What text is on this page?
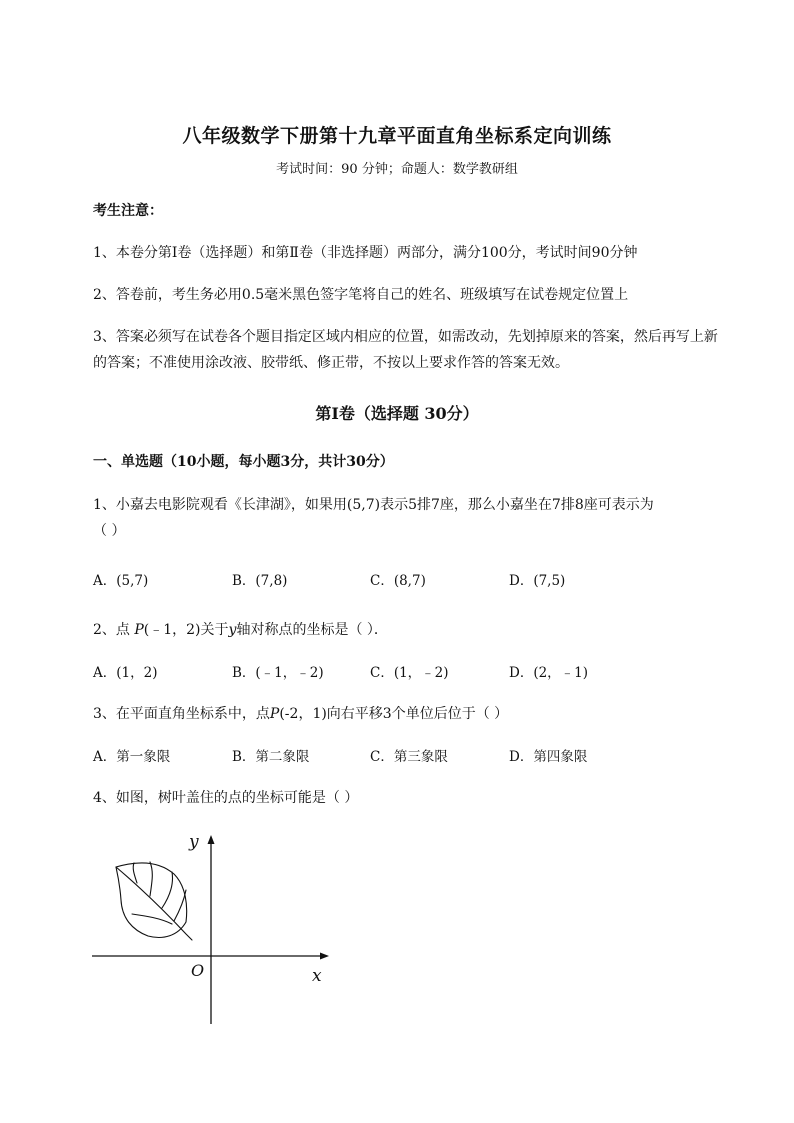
八年级数学下册第十九章平面直角坐标系定向训练
考试时间：90 分钟；命题人：数学教研组
考生注意：
1、本卷分第I卷（选择题）和第Ⅱ卷（非选择题）两部分，满分100分，考试时间90分钟
2、答卷前，考生务必用0.5毫米黑色签字笔将自己的姓名、班级填写在试卷规定位置上
3、答案必须写在试卷各个题目指定区域内相应的位置，如需改动，先划掉原来的答案，然后再写上新
的答案；不准使用涂改液、胶带纸、修正带，不按以上要求作答的答案无效。
第I卷（选择题 30分）
一、单选题（10小题，每小题3分，共计30分）
1、小嘉去电影院观看《长津湖》，如果用(5,7)表示5排7座，那么小嘉坐在7排8座可表示为
（ ）
A．(5,7)	B．(7,8)	C．(8,7)	D．(7,5)
2、点 P(﹣1，2)关于y轴对称点的坐标是（ ）．
A．(1，2)	B．(﹣1，﹣2)	C．(1，﹣2)	D．(2，﹣1)
3、在平面直角坐标系中，点P(-2，1)向右平移3个单位后位于（ ）
A．第一象限	B．第二象限	C．第三象限	D．第四象限
4、如图，树叶盖住的点的坐标可能是（ ）
y
x
O
